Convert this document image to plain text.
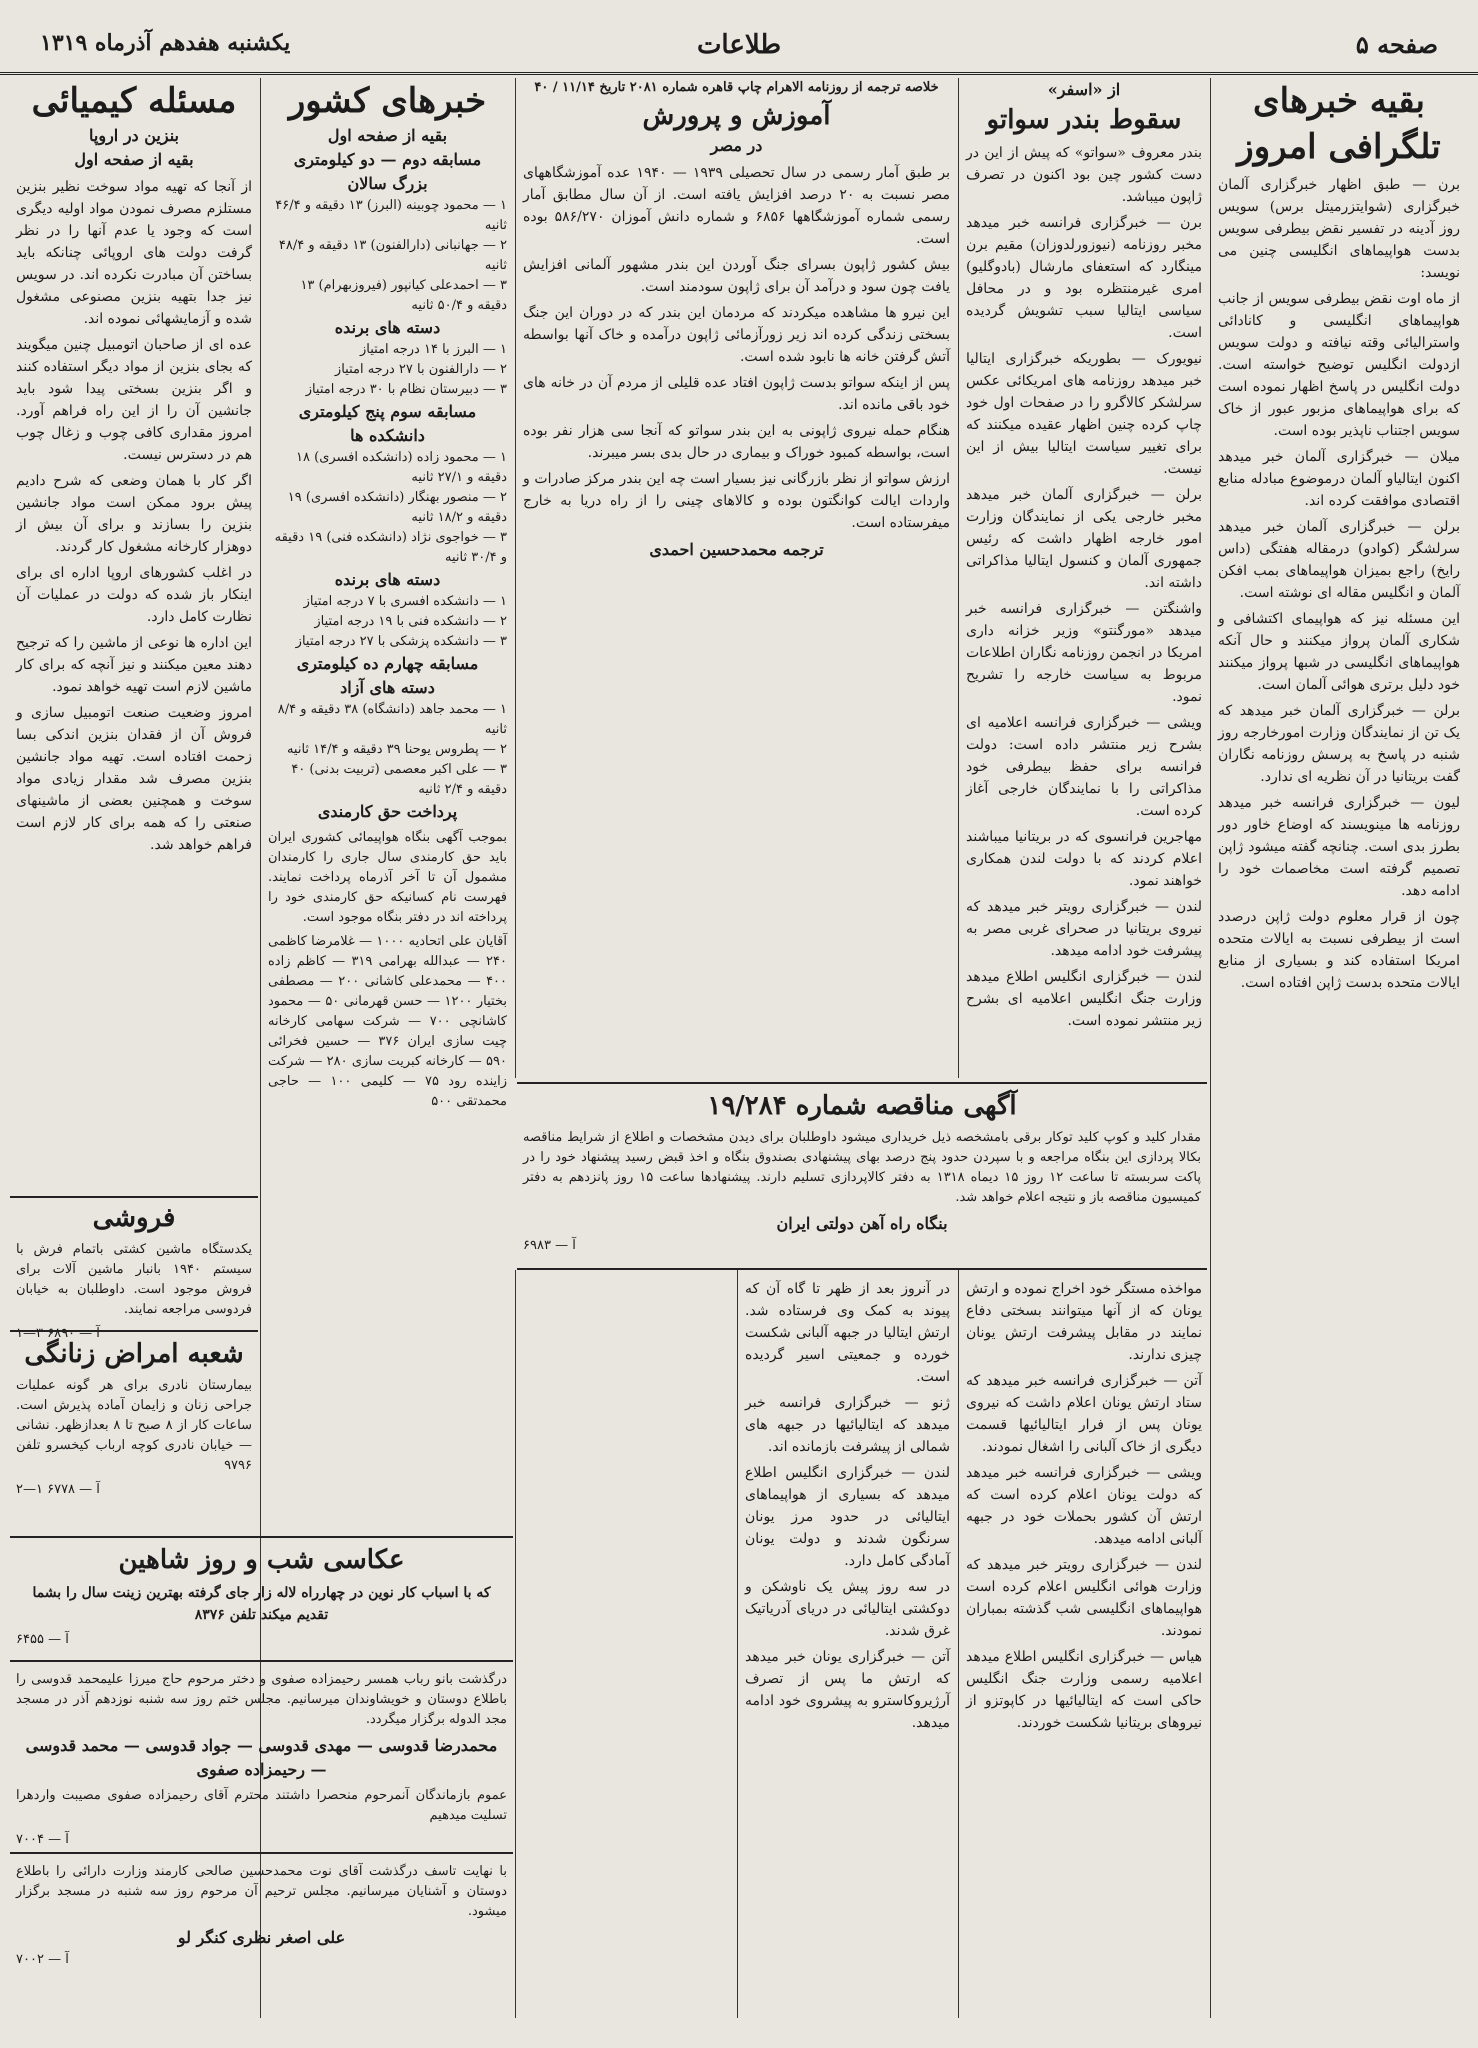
صفحه ۵
طلاعات
یکشنبه هفدهم آذرماه ۱۳۱۹
بقیه خبرهای تلگرافی امروز

برن — طبق اظهار خبرگزاری آلمان خبرگزاری (شوایتزرمیتل برس) سویس روز آدینه در تفسیر نقض بیطرفی سویس بدست هواپیماهای انگلیسی چنین می نویسد:

از ماه اوت نقض بیطرفی سویس از جانب هواپیماهای انگلیسی و کانادائی واسترالیائی وقته نیافته و دولت سویس ازدولت انگلیس توضیح خواسته است. دولت انگلیس در پاسخ اظهار نموده است که برای هواپیماهای مزبور عبور از خاک سویس اجتناب ناپذیر بوده است.

میلان — خبرگزاری آلمان خبر میدهد اکنون ایتالیاو آلمان درموضوع مبادله منابع اقتصادی موافقت کرده اند.

برلن — خبرگزاری آلمان خبر میدهد سرلشگر (کوادو) درمقاله هفتگی (داس رایخ) راجع بمیزان هواپیماهای بمب افکن آلمان و انگلیس مقاله ای نوشته است.

این مسئله نیز که هواپیمای اکتشافی و شکاری آلمان پرواز میکنند و حال آنکه هواپیماهای انگلیسی در شبها پرواز میکنند خود دلیل برتری هوائی آلمان است.

برلن — خبرگزاری آلمان خبر میدهد که یک تن از نمایندگان وزارت امورخارجه روز شنبه در پاسخ به پرسش روزنامه نگاران گفت بریتانیا در آن نظریه ای ندارد.

لیون — خبرگزاری فرانسه خبر میدهد روزنامه ها مینویسند که اوضاع خاور دور بطرز بدی است. چنانچه گفته میشود ژاپن تصمیم گرفته است مخاصمات خود را ادامه دهد.

چون از قرار معلوم دولت ژاپن درصدد است از بیطرفی نسبت به ایالات متحده امریکا استفاده کند و بسیاری از منابع ایالات متحده بدست ژاپن افتاده است.

از «اسفر»
سقوط بندر سواتو

بندر معروف «سواتو» که پیش از این در دست کشور چین بود اکنون در تصرف ژاپون میباشد.

برن — خبرگزاری فرانسه خبر میدهد مخبر روزنامه (نیوزورلدوزان) مقیم برن مینگارد که استعفای مارشال (بادوگلیو) امری غیرمنتظره بود و در محافل سیاسی ایتالیا سبب تشویش گردیده است.

نیویورک — بطوریکه خبرگزاری ایتالیا خبر میدهد روزنامه های امریکائی عکس سرلشکر کالاگرو را در صفحات اول خود چاپ کرده چنین اظهار عقیده میکنند که برای تغییر سیاست ایتالیا بیش از این نیست.

برلن — خبرگزاری آلمان خبر میدهد مخبر خارجی یکی از نمایندگان وزارت امور خارجه اظهار داشت که رئیس جمهوری آلمان و کنسول ایتالیا مذاکراتی داشته اند.

واشنگتن — خبرگزاری فرانسه خبر میدهد «مورگنتو» وزیر خزانه داری امریکا در انجمن روزنامه نگاران اطلاعات مربوط به سیاست خارجه را تشریح نمود.

ویشی — خبرگزاری فرانسه اعلامیه ای بشرح زیر منتشر داده است: دولت فرانسه برای حفظ بیطرفی خود مذاکراتی را با نمایندگان خارجی آغاز کرده است.

مهاجرین فرانسوی که در بریتانیا میباشند اعلام کردند که با دولت لندن همکاری خواهند نمود.

لندن — خبرگزاری رویتر خبر میدهد که نیروی بریتانیا در صحرای غربی مصر به پیشرفت خود ادامه میدهد.

لندن — خبرگزاری انگلیس اطلاع میدهد وزارت جنگ انگلیس اعلامیه ای بشرح زیر منتشر نموده است.

خلاصه ترجمه از روزنامه الاهرام چاپ قاهره شماره ۲۰۸۱ تاریخ ۱۱/۱۴ / ۴۰
آموزش و پرورش
در مصر

بر طبق آمار رسمی در سال تحصیلی ۱۹۳۹ — ۱۹۴۰ عده آموزشگاههای مصر نسبت به ۲۰ درصد افزایش یافته است. از آن سال مطابق آمار رسمی شماره آموزشگاهها ۶۸۵۶ و شماره دانش آموزان ۵۸۶/۲۷۰ بوده است.

بیش کشور ژاپون بسرای جنگ آوردن این بندر مشهور آلمانی افزایش یافت چون سود و درآمد آن برای ژاپون سودمند است.

این نیرو ها مشاهده میکردند که مردمان این بندر که در دوران این جنگ بسختی زندگی کرده اند زیر زورآزمائی ژاپون درآمده و خاک آنها بواسطه آتش گرفتن خانه ها نابود شده است.

پس از اینکه سواتو بدست ژاپون افتاد عده قلیلی از مردم آن در خانه های خود باقی مانده اند.

هنگام حمله نیروی ژاپونی به این بندر سواتو که آنجا سی هزار نفر بوده است، بواسطه کمبود خوراک و بیماری در حال بدی بسر میبرند.

ارزش سواتو از نظر بازرگانی نیز بسیار است چه این بندر مرکز صادرات و واردات ایالت کوانگتون بوده و کالاهای چینی را از راه دریا به خارج میفرستاده است.

ترجمه محمدحسین احمدی
آگهی مناقصه شماره ۱۹/۲۸۴

مقدار کلید و کوپ کلید توکار برقی بامشخصه ذیل خریداری میشود داوطلبان برای دیدن مشخصات و اطلاع از شرایط مناقصه بکالا پردازی این بنگاه مراجعه و با سپردن حدود پنج درصد بهای پیشنهادی بصندوق بنگاه و اخذ قبض رسید پیشنهاد خود را در پاکت سربسته تا ساعت ۱۲ روز ۱۵ دیماه ۱۳۱۸ به دفتر کالاپردازی تسلیم دارند. پیشنهادها ساعت ۱۵ روز پانزدهم به دفتر کمیسیون مناقصه باز و نتیجه اعلام خواهد شد.

بنگاه راه آهن دولتی ایران
آ — ۶۹۸۳

مواخذه مستگر خود اخراج نموده و ارتش یونان که از آنها میتوانند بسختی دفاع نمایند در مقابل پیشرفت ارتش یونان چیزی ندارند.

آتن — خبرگزاری فرانسه خبر میدهد که ستاد ارتش یونان اعلام داشت که نیروی یونان پس از فرار ایتالیائیها قسمت دیگری از خاک آلبانی را اشغال نمودند.

ویشی — خبرگزاری فرانسه خبر میدهد که دولت یونان اعلام کرده است که ارتش آن کشور بحملات خود در جبهه آلبانی ادامه میدهد.

لندن — خبرگزاری رویتر خبر میدهد که وزارت هوائی انگلیس اعلام کرده است هواپیماهای انگلیسی شب گذشته بمباران نمودند.

هیاس — خبرگزاری انگلیس اطلاع میدهد اعلامیه رسمی وزارت جنگ انگلیس حاکی است که ایتالیائیها در کاپوتزو از نیروهای بریتانیا شکست خوردند.

در آنروز بعد از ظهر تا گاه آن که پیوند به کمک وی فرستاده شد. ارتش ایتالیا در جبهه آلبانی شکست خورده و جمعیتی اسیر گردیده است.

ژنو — خبرگزاری فرانسه خبر میدهد که ایتالیائیها در جبهه های شمالی از پیشرفت بازمانده اند.

لندن — خبرگزاری انگلیس اطلاع میدهد که بسیاری از هواپیماهای ایتالیائی در حدود مرز یونان سرنگون شدند و دولت یونان آمادگی کامل دارد.

در سه روز پیش یک ناوشکن و دوکشتی ایتالیائی در دریای آدریاتیک غرق شدند.

آتن — خبرگزاری یونان خبر میدهد که ارتش ما پس از تصرف آرژیروکاسترو به پیشروی خود ادامه میدهد.

خبرهای کشور
بقیه از صفحه اول
مسابقه دوم — دو کیلومتری
بزرگ سالان
۱ — محمود چوبینه (البرز) ۱۳ دقیقه و ۴۶/۴ ثانیه
۲ — جهانبانی (دارالفنون) ۱۳ دقیقه و ۴۸/۴ ثانیه
۳ — احمدعلی کیانپور (فیروزبهرام) ۱۳ دقیقه و ۵۰/۴ ثانیه
دسته های برنده
۱ — البرز با ۱۴ درجه امتیاز
۲ — دارالفنون با ۲۷ درجه امتیاز
۳ — دبیرستان نظام با ۳۰ درجه امتیاز
مسابقه سوم پنج کیلومتری
دانشکده ها
۱ — محمود زاده (دانشکده افسری) ۱۸ دقیقه و ۲۷/۱ ثانیه
۲ — منصور بهنگار (دانشکده افسری) ۱۹ دقیقه و ۱۸/۲ ثانیه
۳ — خواجوی نژاد (دانشکده فنی) ۱۹ دقیقه و ۳۰/۴ ثانیه
دسته های برنده
۱ — دانشکده افسری با ۷ درجه امتیاز
۲ — دانشکده فنی با ۱۹ درجه امتیاز
۳ — دانشکده پزشکی با ۲۷ درجه امتیاز
مسابقه چهارم ده کیلومتری
دسته های آزاد
۱ — محمد جاهد (دانشگاه) ۳۸ دقیقه و ۸/۴ ثانیه
۲ — پطروس یوحنا ۳۹ دقیقه و ۱۴/۴ ثانیه
۳ — علی اکبر معصمی (تربیت بدنی) ۴۰ دقیقه و ۲/۴ ثانیه
پرداخت حق کارمندی

بموجب آگهی بنگاه هواپیمائی کشوری ایران باید حق کارمندی سال جاری را کارمندان مشمول آن تا آخر آذرماه پرداخت نمایند. فهرست نام کسانیکه حق کارمندی خود را پرداخته اند در دفتر بنگاه موجود است.

آقایان علی اتحادیه ۱۰۰۰ — غلامرضا کاظمی ۲۴۰ — عبدالله بهرامی ۳۱۹ — کاظم زاده ۴۰۰ — محمدعلی کاشانی ۲۰۰ — مصطفی بختیار ۱۲۰۰ — حسن قهرمانی ۵۰ — محمود کاشانچی ۷۰۰ — شرکت سهامی کارخانه چیت سازی ایران ۳۷۶ — حسین فخرائی ۵۹۰ — کارخانه کبریت سازی ۲۸۰ — شرکت زاینده رود ۷۵ — کلیمی ۱۰۰ — حاجی محمدتقی ۵۰۰

مسئله کیمیائی
بنزین در اروپا
بقیه از صفحه اول

از آنجا که تهیه مواد سوخت نظیر بنزین مستلزم مصرف نمودن مواد اولیه دیگری است که وجود یا عدم آنها را در نظر گرفت دولت های اروپائی چنانکه باید بساختن آن مبادرت نکرده اند. در سویس نیز جدا بتهیه بنزین مصنوعی مشغول شده و آزمایشهائی نموده اند.

عده ای از صاحبان اتومبیل چنین میگویند که بجای بنزین از مواد دیگر استفاده کنند و اگر بنزین بسختی پیدا شود باید جانشین آن را از این راه فراهم آورد. امروز مقداری کافی چوب و زغال چوب هم در دسترس نیست.

اگر کار با همان وضعی که شرح دادیم پیش برود ممکن است مواد جانشین بنزین را بسازند و برای آن بیش از دوهزار کارخانه مشغول کار گردند.

در اغلب کشورهای اروپا اداره ای برای اینکار باز شده که دولت در عملیات آن نظارت کامل دارد.

این اداره ها نوعی از ماشین را که ترجیح دهند معین میکنند و نیز آنچه که برای کار ماشین لازم است تهیه خواهد نمود.

امروز وضعیت صنعت اتومبیل سازی و فروش آن از فقدان بنزین اندکی بسا زحمت افتاده است. تهیه مواد جانشین بنزین مصرف شد مقدار زیادی مواد سوخت و همچنین بعضی از ماشینهای صنعتی را که همه برای کار لازم است فراهم خواهد شد.

فروشی

یکدستگاه ماشین کشتی باتمام فرش با سیستم ۱۹۴۰ بانبار ماشین آلات برای فروش موجود است. داوطلبان به خیابان فردوسی مراجعه نمایند.

آ — ۶۸۹۰ ۳—۱
شعبه امراض زنانگی

بیمارستان نادری برای هر گونه عملیات جراحی زنان و زایمان آماده پذیرش است. ساعات کار از ۸ صبح تا ۸ بعدازظهر. نشانی — خیابان نادری کوچه ارباب کیخسرو تلفن ۹۷۹۶

آ — ۶۷۷۸ ۱—۲
عکاسی شب و روز شاهین

که با اسباب کار نوین در چهارراه لاله زار جای گرفته بهترین زینت سال را بشما تقدیم میکند تلفن ۸۳۷۶

آ — ۶۴۵۵

درگذشت بانو رباب همسر رحیمزاده صفوی و دختر مرحوم حاج میرزا علیمحمد قدوسی را باطلاع دوستان و خویشاوندان میرسانیم. مجلس ختم روز سه شنبه نوزدهم آذر در مسجد مجد الدوله برگزار میگردد.

محمدرضا قدوسی — مهدی قدوسی — جواد قدوسی — محمد قدوسی — رحیمزاده صفوی

عموم بازماندگان آنمرحوم منحصرا داشتند محترم آقای رحیمزاده صفوی مصیبت واردهرا تسلیت میدهیم

آ — ۷۰۰۴

با نهایت تاسف درگذشت آقای نوت محمدحسین صالحی کارمند وزارت دارائی را باطلاع دوستان و آشنایان میرسانیم. مجلس ترحیم آن مرحوم روز سه شنبه در مسجد برگزار میشود.

علی اصغر نظری کنگر لو
آ — ۷۰۰۲
